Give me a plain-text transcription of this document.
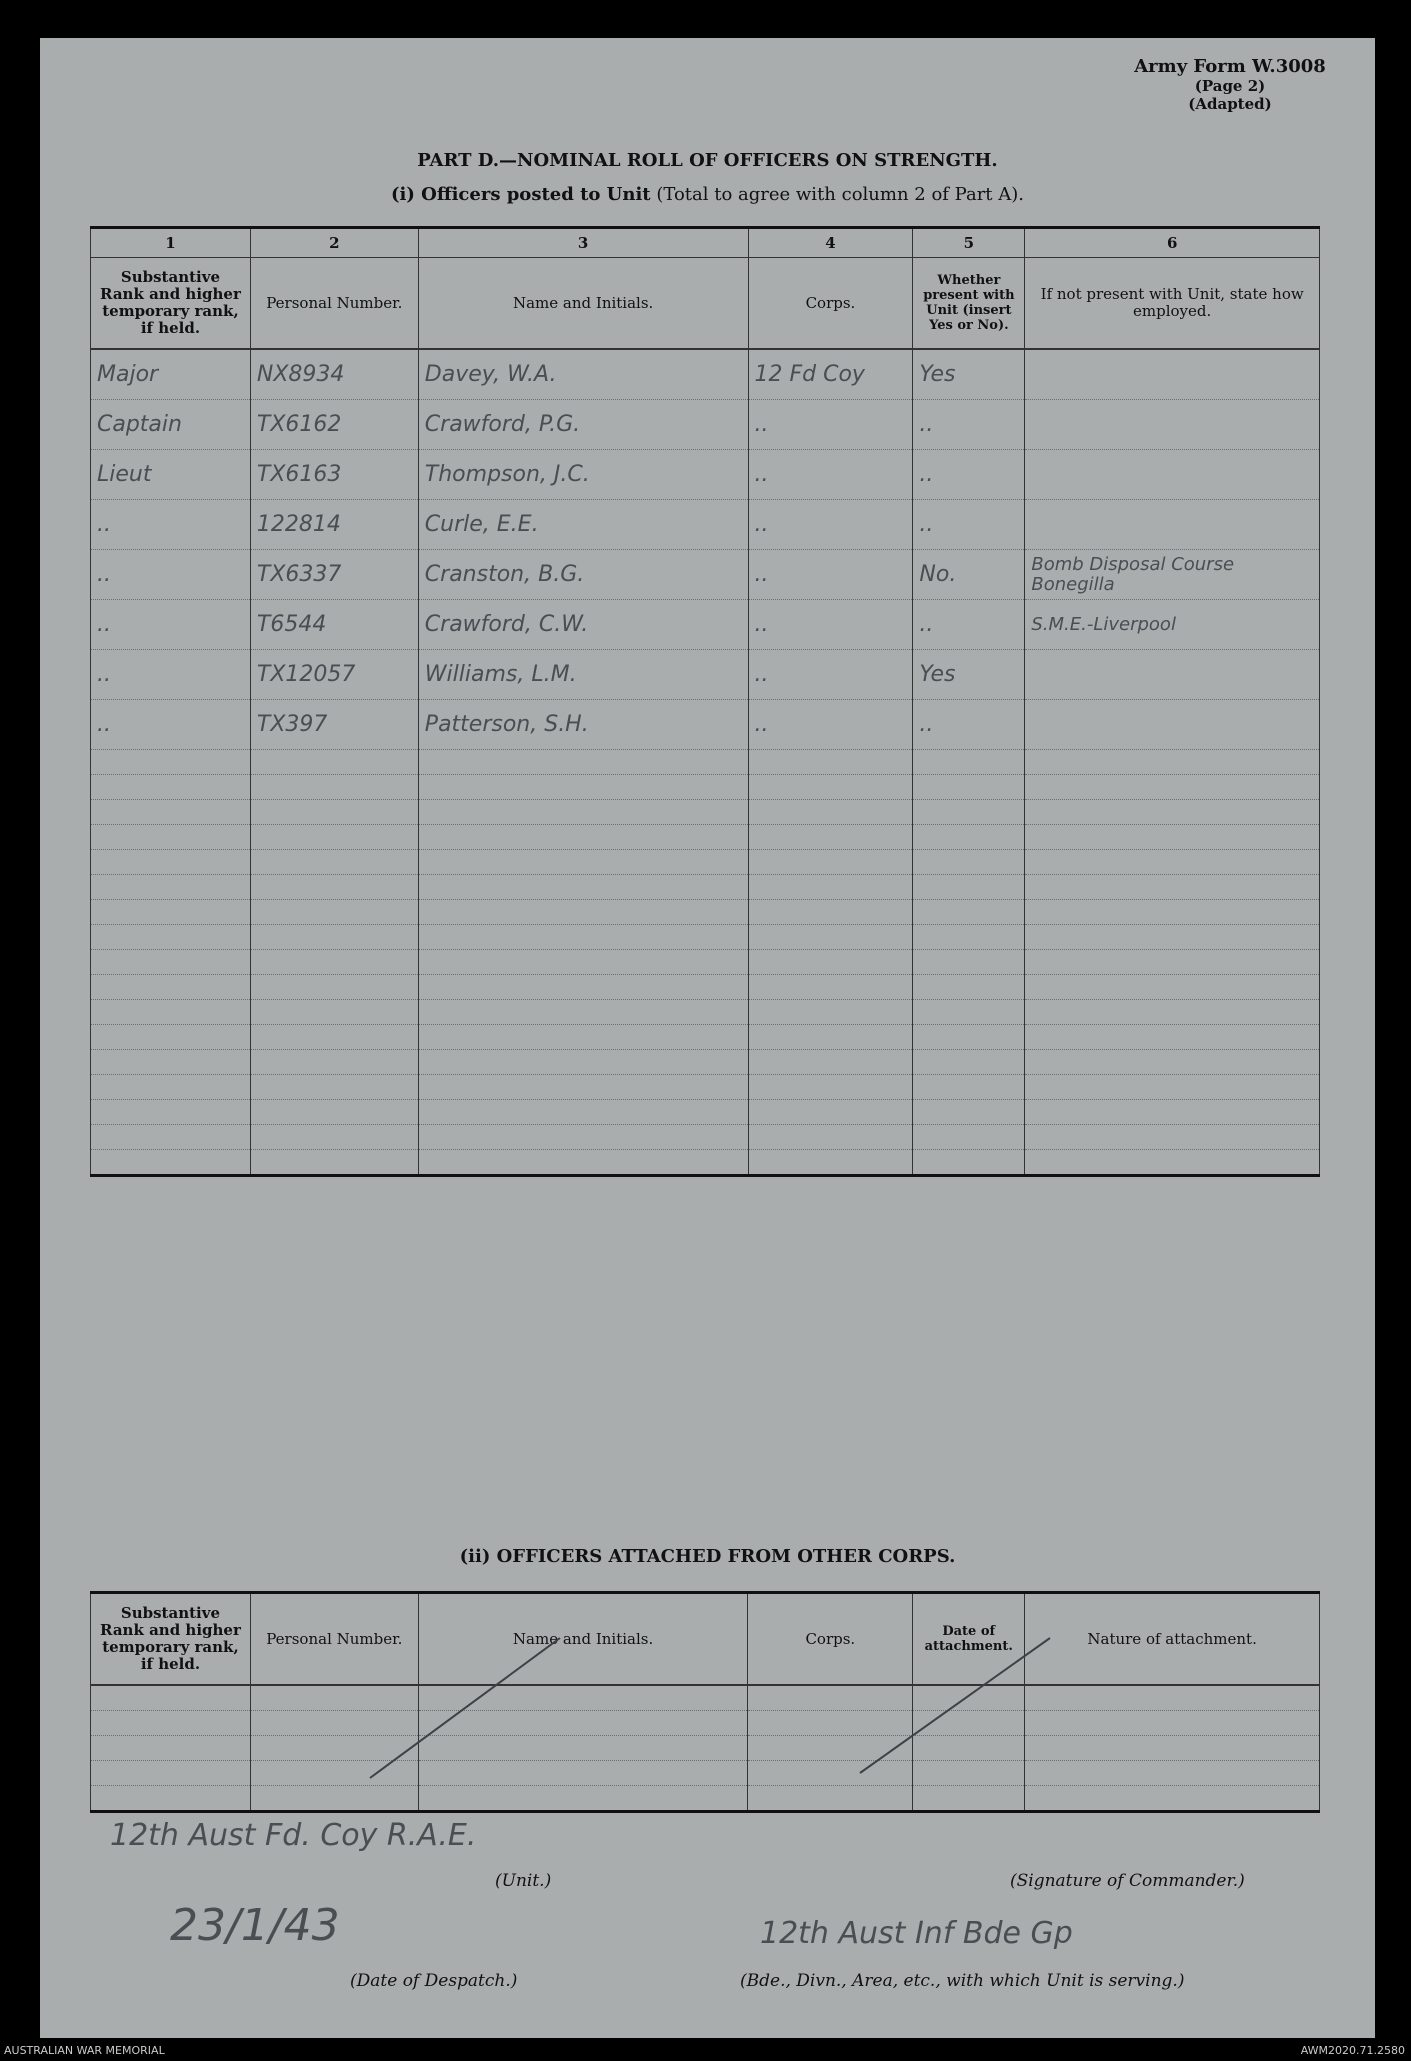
Army Form W.3008
(Page 2)
(Adapted)
PART D.—NOMINAL ROLL OF OFFICERS ON STRENGTH.
(i) Officers posted to Unit (Total to agree with column 2 of Part A).
1	2	3	4	5	6
Substantive Rank and higher temporary rank, if held.	Personal Number.	Name and Initials.	Corps.	Whether present with Unit (insert Yes or No).	If not present with Unit, state how employed.
Major	NX8934	Davey, W.A.	12 Fd Coy	Yes	
Captain	TX6162	Crawford, P.G.	..	..	
Lieut	TX6163	Thompson, J.C.	..	..	
..	122814	Curle, E.E.	..	..	
..	TX6337	Cranston, B.G.	..	No.	Bomb Disposal Course Bonegilla
..	T6544	Crawford, C.W.	..	..	S.M.E.-Liverpool
..	TX12057	Williams, L.M.	..	Yes	
..	TX397	Patterson, S.H.	..	..	

(ii) OFFICERS ATTACHED FROM OTHER CORPS.
Substantive Rank and higher temporary rank, if held.	Personal Number.	Name and Initials.	Corps.	Date of attachment.	Nature of attachment.

12th Aust Fd. Coy R.A.E.
(Unit.)	(Signature of Commander.)
23/1/43	12th Aust Inf Bde Gp
(Date of Despatch.)	(Bde., Divn., Area, etc., with which Unit is serving.)
AUSTRALIAN WAR MEMORIAL	AWM2020.71.2580
